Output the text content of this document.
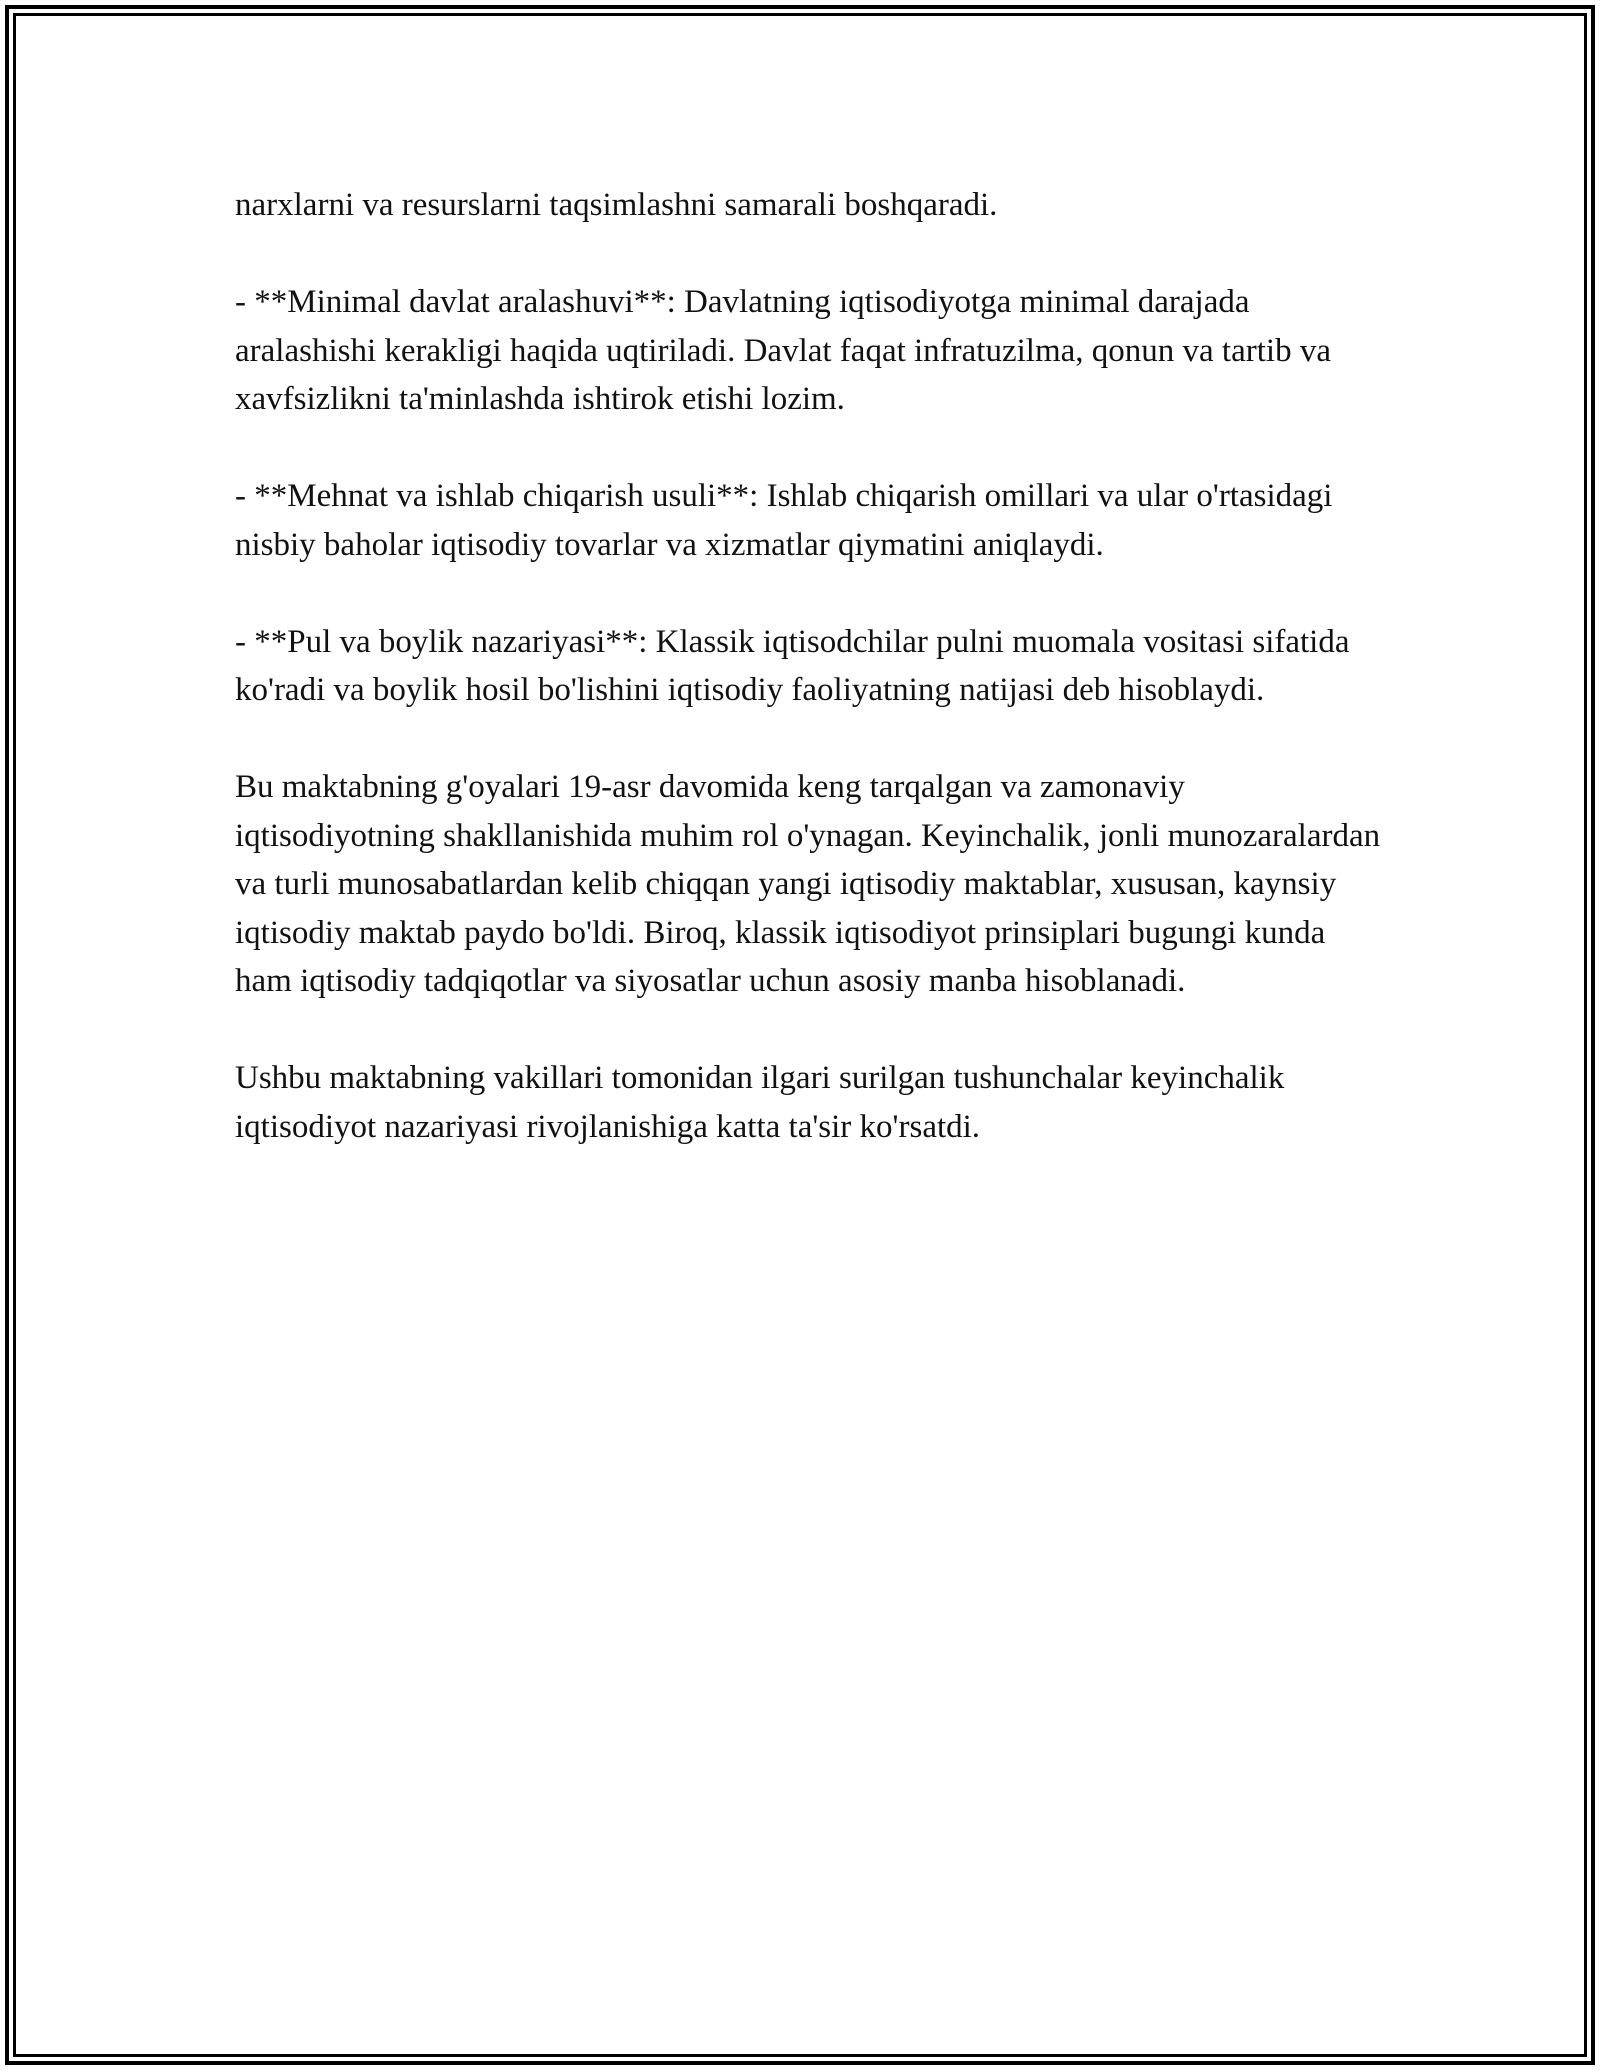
narxlarni va resurslarni taqsimlashni samarali boshqaradi.

- **Minimal davlat aralashuvi**: Davlatning iqtisodiyotga minimal darajada aralashishi kerakligi haqida uqtiriladi. Davlat faqat infratuzilma, qonun va tartib va xavfsizlikni ta'minlashda ishtirok etishi lozim.

- **Mehnat va ishlab chiqarish usuli**: Ishlab chiqarish omillari va ular o'rtasidagi nisbiy baholar iqtisodiy tovarlar va xizmatlar qiymatini aniqlaydi.

- **Pul va boylik nazariyasi**: Klassik iqtisodchilar pulni muomala vositasi sifatida ko'radi va boylik hosil bo'lishini iqtisodiy faoliyatning natijasi deb hisoblaydi.

Bu maktabning g'oyalari 19-asr davomida keng tarqalgan va zamonaviy iqtisodiyotning shakllanishida muhim rol o'ynagan. Keyinchalik, jonli munozaralardan va turli munosabatlardan kelib chiqqan yangi iqtisodiy maktablar, xususan, kaynsiy iqtisodiy maktab paydo bo'ldi. Biroq, klassik iqtisodiyot prinsiplari bugungi kunda ham iqtisodiy tadqiqotlar va siyosatlar uchun asosiy manba hisoblanadi.

Ushbu maktabning vakillari tomonidan ilgari surilgan tushunchalar keyinchalik iqtisodiyot nazariyasi rivojlanishiga katta ta'sir ko'rsatdi.
